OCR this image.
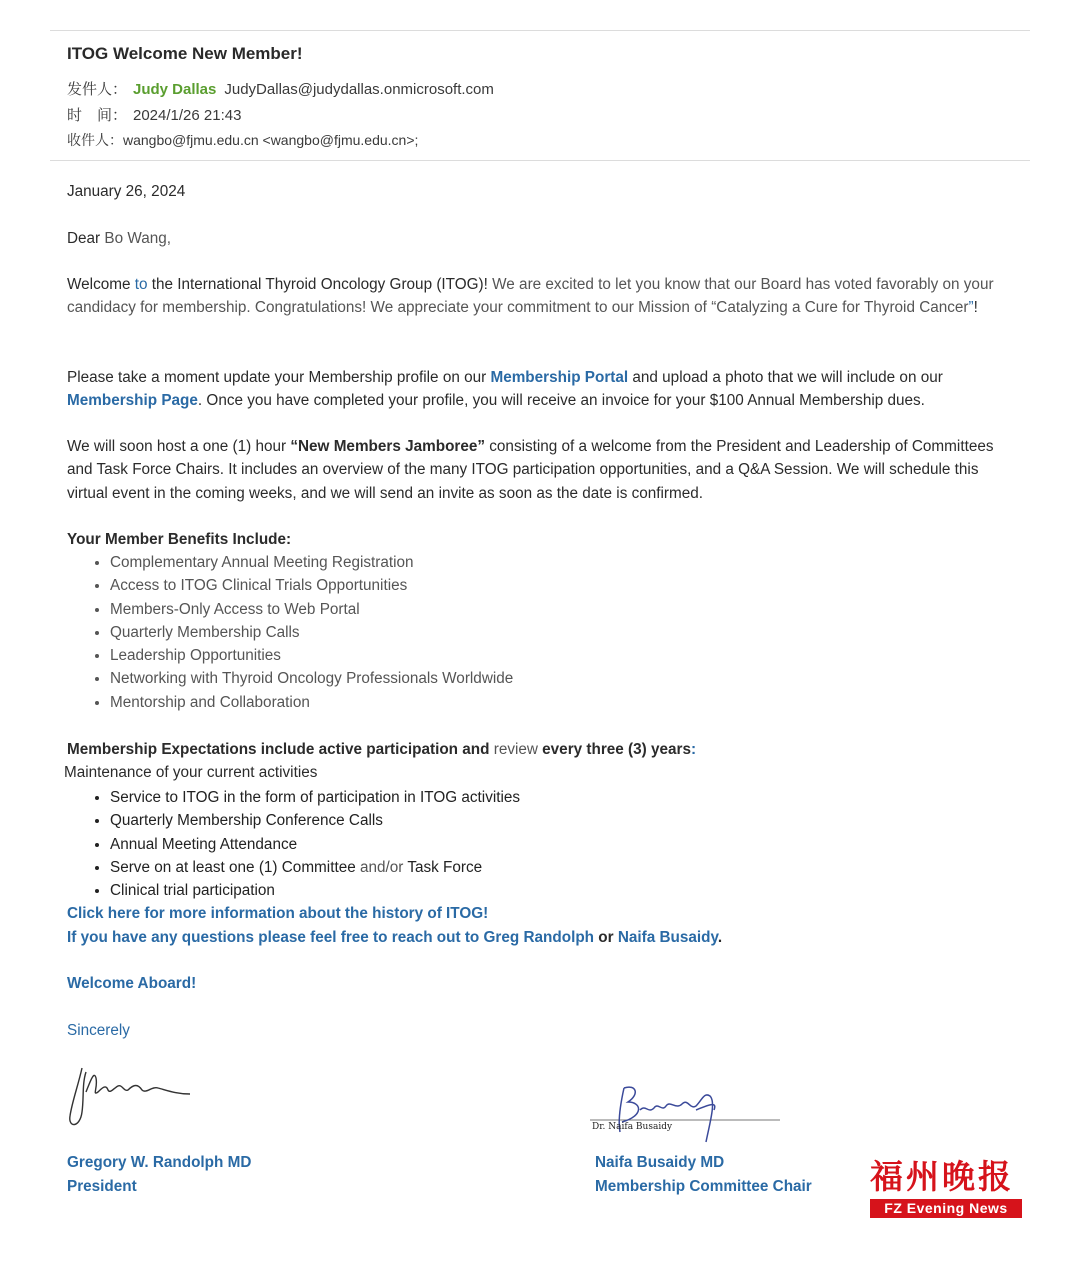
ITOG Welcome New Member!
发件人： Judy Dallas JudyDallas@judydallas.onmicrosoft.com
时　间： 2024/1/26 21:43
收件人：wangbo@fjmu.edu.cn <wangbo@fjmu.edu.cn>;
January 26, 2024
Dear Bo Wang,
Welcome to the International Thyroid Oncology Group (ITOG)! We are excited to let you know that our Board has voted favorably on your candidacy for membership. Congratulations! We appreciate your commitment to our Mission of “Catalyzing a Cure for Thyroid Cancer”!
Please take a moment update your Membership profile on our Membership Portal and upload a photo that we will include on our Membership Page. Once you have completed your profile, you will receive an invoice for your $100 Annual Membership dues.
We will soon host a one (1) hour “New Members Jamboree” consisting of a welcome from the President and Leadership of Committees and Task Force Chairs. It includes an overview of the many ITOG participation opportunities, and a Q&A Session. We will schedule this virtual event in the coming weeks, and we will send an invite as soon as the date is confirmed.
Your Member Benefits Include:
• Complementary Annual Meeting Registration
• Access to ITOG Clinical Trials Opportunities
• Members-Only Access to Web Portal
• Quarterly Membership Calls
• Leadership Opportunities
• Networking with Thyroid Oncology Professionals Worldwide
• Mentorship and Collaboration
Membership Expectations include active participation and review every three (3) years:
Maintenance of your current activities
• Service to ITOG in the form of participation in ITOG activities
• Quarterly Membership Conference Calls
• Annual Meeting Attendance
• Serve on at least one (1) Committee and/or Task Force
• Clinical trial participation
Click here for more information about the history of ITOG!
If you have any questions please feel free to reach out to Greg Randolph or Naifa Busaidy.
Welcome Aboard!
Sincerely
Dr. Naifa Busaidy
Gregory W. Randolph MD
President
Naifa Busaidy MD
Membership Committee Chair 福州晚报
FZ Evening News
